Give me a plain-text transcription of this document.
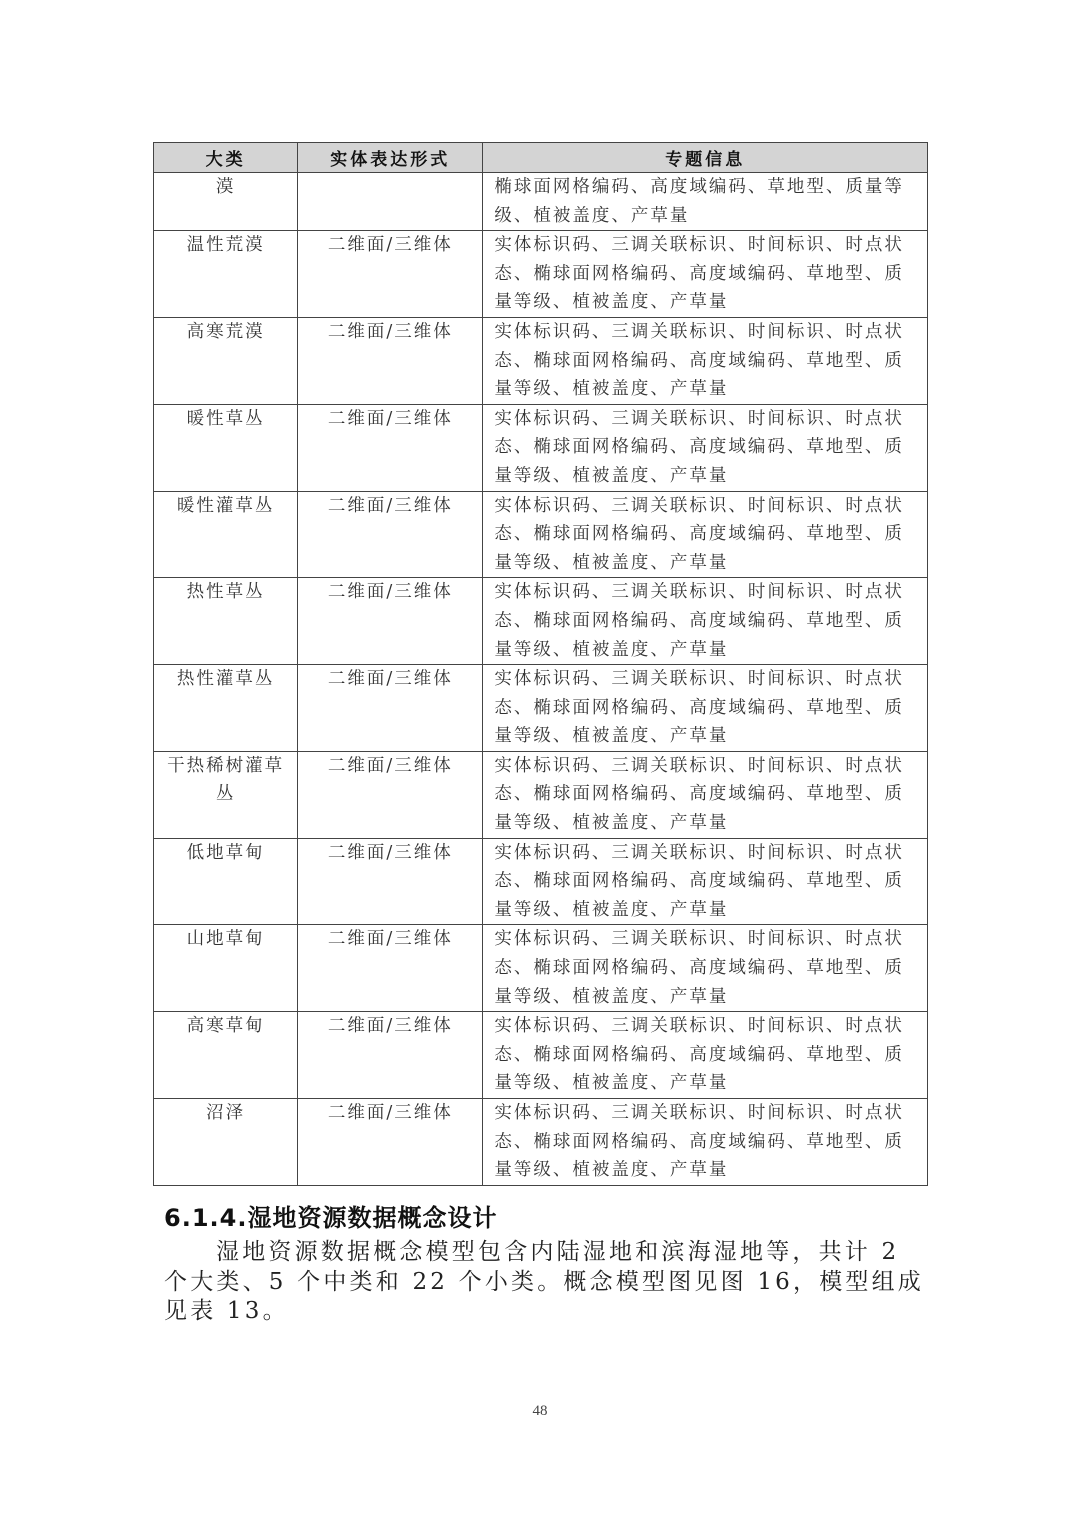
大类	实体表达形式	专题信息
漠		椭球面网格编码、高度域编码、草地型、质量等级、植被盖度、产草量
温性荒漠	二维面/三维体	实体标识码、三调关联标识、时间标识、时点状态、椭球面网格编码、高度域编码、草地型、质量等级、植被盖度、产草量
高寒荒漠	二维面/三维体	实体标识码、三调关联标识、时间标识、时点状态、椭球面网格编码、高度域编码、草地型、质量等级、植被盖度、产草量
暖性草丛	二维面/三维体	实体标识码、三调关联标识、时间标识、时点状态、椭球面网格编码、高度域编码、草地型、质量等级、植被盖度、产草量
暖性灌草丛	二维面/三维体	实体标识码、三调关联标识、时间标识、时点状态、椭球面网格编码、高度域编码、草地型、质量等级、植被盖度、产草量
热性草丛	二维面/三维体	实体标识码、三调关联标识、时间标识、时点状态、椭球面网格编码、高度域编码、草地型、质量等级、植被盖度、产草量
热性灌草丛	二维面/三维体	实体标识码、三调关联标识、时间标识、时点状态、椭球面网格编码、高度域编码、草地型、质量等级、植被盖度、产草量
干热稀树灌草丛	二维面/三维体	实体标识码、三调关联标识、时间标识、时点状态、椭球面网格编码、高度域编码、草地型、质量等级、植被盖度、产草量
低地草甸	二维面/三维体	实体标识码、三调关联标识、时间标识、时点状态、椭球面网格编码、高度域编码、草地型、质量等级、植被盖度、产草量
山地草甸	二维面/三维体	实体标识码、三调关联标识、时间标识、时点状态、椭球面网格编码、高度域编码、草地型、质量等级、植被盖度、产草量
高寒草甸	二维面/三维体	实体标识码、三调关联标识、时间标识、时点状态、椭球面网格编码、高度域编码、草地型、质量等级、植被盖度、产草量
沼泽	二维面/三维体	实体标识码、三调关联标识、时间标识、时点状态、椭球面网格编码、高度域编码、草地型、质量等级、植被盖度、产草量
6.1.4.湿地资源数据概念设计

湿地资源数据概念模型包含内陆湿地和滨海湿地等，共计 2 个大类、5 个中类和 22 个小类。概念模型图见图 16，模型组成见表 13。

48
